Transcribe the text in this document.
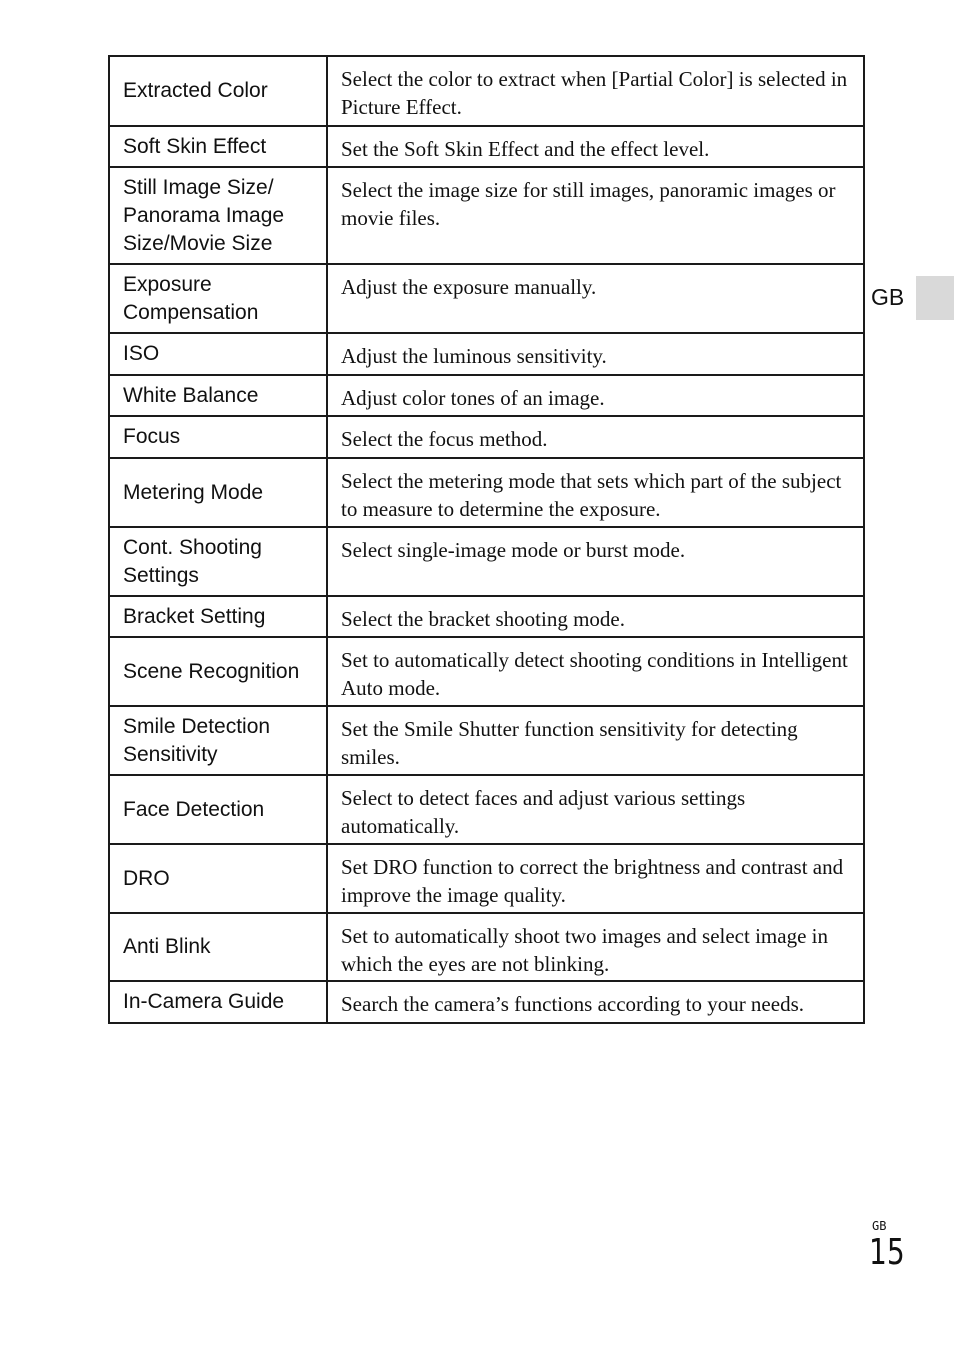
Extracted Color	Select the color to extract when [Partial Color] is selected in Picture Effect.
Soft Skin Effect	Set the Soft Skin Effect and the effect level.
Still Image Size/ Panorama Image Size/Movie Size	Select the image size for still images, panoramic images or movie files.
Exposure Compensation	Adjust the exposure manually.
ISO	Adjust the luminous sensitivity.
White Balance	Adjust color tones of an image.
Focus	Select the focus method.
Metering Mode	Select the metering mode that sets which part of the subject to measure to determine the exposure.
Cont. Shooting Settings	Select single-image mode or burst mode.
Bracket Setting	Select the bracket shooting mode.
Scene Recognition	Set to automatically detect shooting conditions in Intelligent Auto mode.
Smile Detection Sensitivity	Set the Smile Shutter function sensitivity for detecting smiles.
Face Detection	Select to detect faces and adjust various settings automatically.
DRO	Set DRO function to correct the brightness and contrast and improve the image quality.
Anti Blink	Set to automatically shoot two images and select image in which the eyes are not blinking.
In-Camera Guide	Search the camera’s functions according to your needs.
GB
GB
15
